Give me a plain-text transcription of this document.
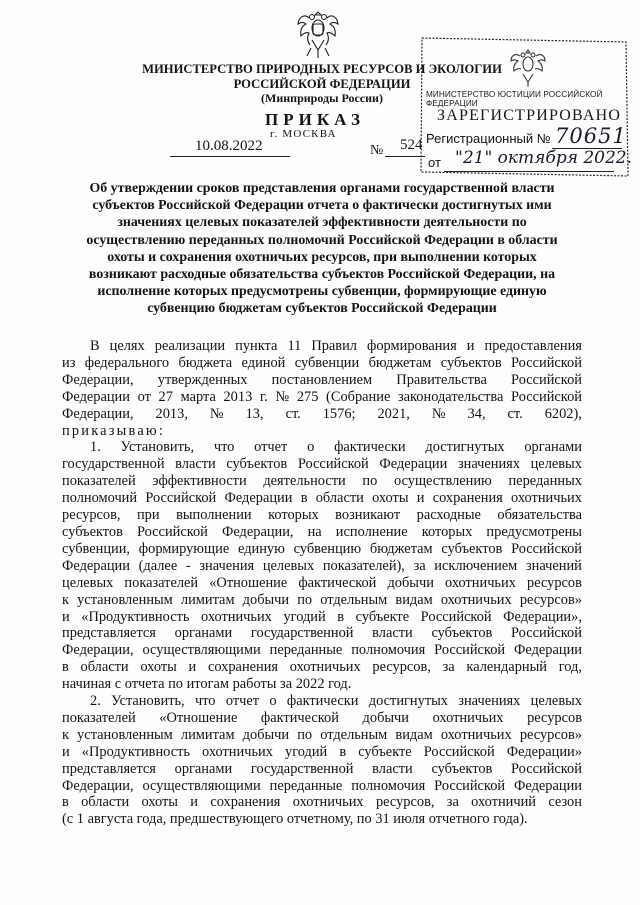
МИНИСТЕРСТВО ПРИРОДНЫХ РЕСУРСОВ И ЭКОЛОГИИ
РОССИЙСКОЙ ФЕДЕРАЦИИ
(Минприроды России)
ПРИКАЗ
г. МОСКВА
10.08.2022	№ 524
МИНИСТЕРСТВО ЮСТИЦИИ РОССИЙСКОЙ ФЕДЕРАЦИИ
ЗАРЕГИСТРИРОВАНО
Регистрационный № 70651
от "21" октября 2022.
Об утверждении сроков представления органами государственной власти
субъектов Российской Федерации отчета о фактически достигнутых ими
значениях целевых показателей эффективности деятельности по
осуществлению переданных полномочий Российской Федерации в области
охоты и сохранения охотничьих ресурсов, при выполнении которых
возникают расходные обязательства субъектов Российской Федерации, на
исполнение которых предусмотрены субвенции, формирующие единую
субвенцию бюджетам субъектов Российской Федерации
В целях реализации пункта 11 Правил формирования и предоставления
из федерального бюджета единой субвенции бюджетам субъектов Российской
Федерации, утвержденных постановлением Правительства Российской
Федерации от 27 марта 2013 г. № 275 (Собрание законодательства Российской
Федерации, 2013, № 13, ст. 1576; 2021, № 34, ст. 6202),
приказываю:
1. Установить, что отчет о фактически достигнутых органами
государственной власти субъектов Российской Федерации значениях целевых
показателей эффективности деятельности по осуществлению переданных
полномочий Российской Федерации в области охоты и сохранения охотничьих
ресурсов, при выполнении которых возникают расходные обязательства
субъектов Российской Федерации, на исполнение которых предусмотрены
субвенции, формирующие единую субвенцию бюджетам субъектов Российской
Федерации (далее - значения целевых показателей), за исключением значений
целевых показателей «Отношение фактической добычи охотничьих ресурсов
к установленным лимитам добычи по отдельным видам охотничьих ресурсов»
и «Продуктивность охотничьих угодий в субъекте Российской Федерации»,
представляется органами государственной власти субъектов Российской
Федерации, осуществляющими переданные полномочия Российской Федерации
в области охоты и сохранения охотничьих ресурсов, за календарный год,
начиная с отчета по итогам работы за 2022 год.
2. Установить, что отчет о фактически достигнутых значениях целевых
показателей «Отношение фактической добычи охотничьих ресурсов
к установленным лимитам добычи по отдельным видам охотничьих ресурсов»
и «Продуктивность охотничьих угодий в субъекте Российской Федерации»
представляется органами государственной власти субъектов Российской
Федерации, осуществляющими переданные полномочия Российской Федерации
в области охоты и сохранения охотничьих ресурсов, за охотничий сезон
(с 1 августа года, предшествующего отчетному, по 31 июля отчетного года).
